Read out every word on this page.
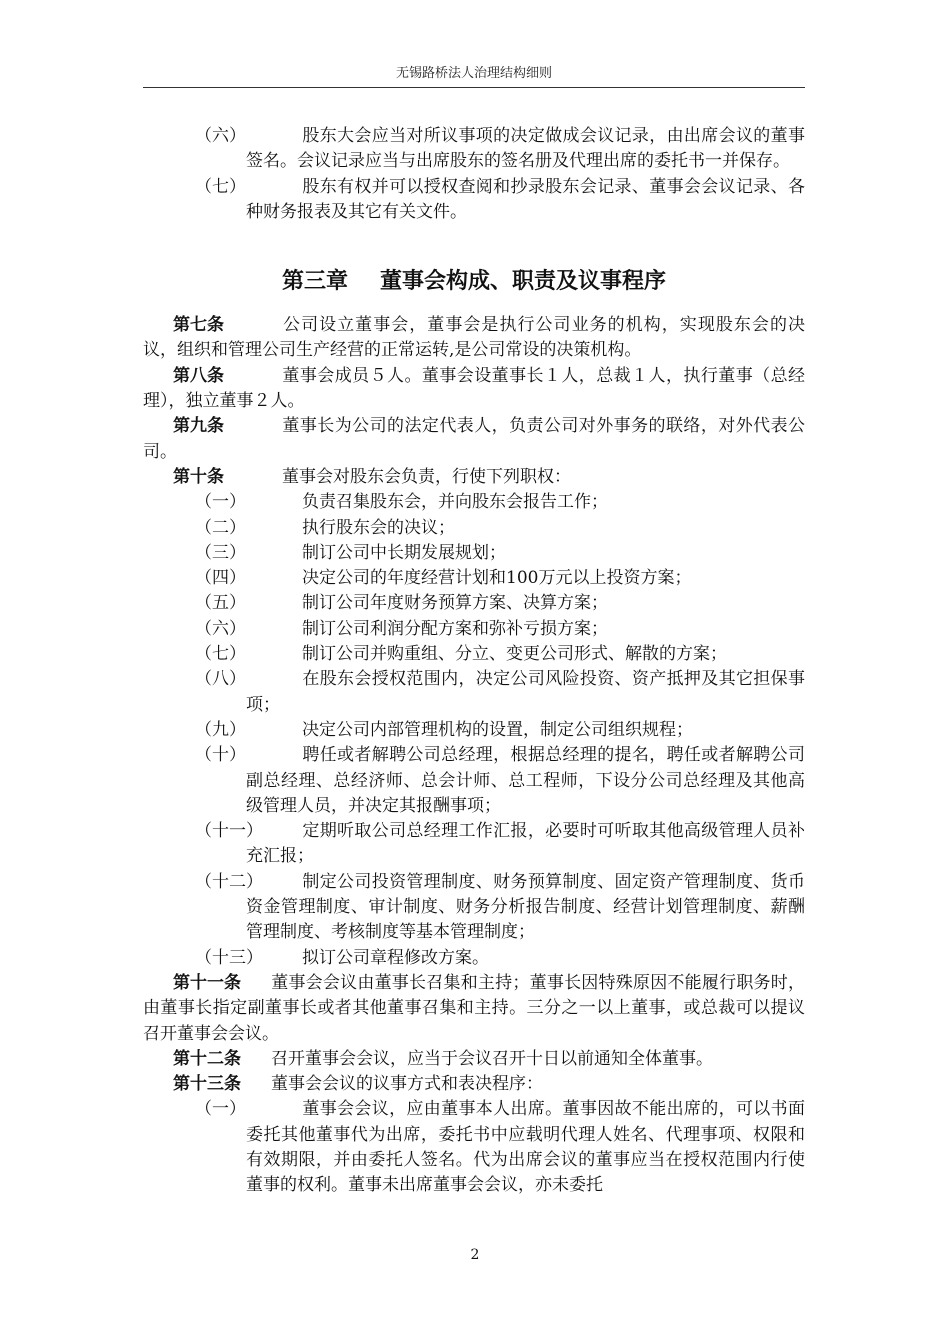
无锡路桥法人治理结构细则
（六）	股东大会应当对所议事项的决定做成会议记录，由出席会议的董事签名。会议记录应当与出席股东的签名册及代理出席的委托书一并保存。
（七）	股东有权并可以授权查阅和抄录股东会记录、董事会会议记录、各种财务报表及其它有关文件。
第三章 董事会构成、职责及议事程序
第七条	公司设立董事会，董事会是执行公司业务的机构，实现股东会的决议，组织和管理公司生产经营的正常运转,是公司常设的决策机构。
第八条	董事会成员５人。董事会设董事长１人，总裁１人，执行董事（总经理），独立董事２人。
第九条	董事长为公司的法定代表人，负责公司对外事务的联络，对外代表公司。
第十条	董事会对股东会负责，行使下列职权：
（一）	负责召集股东会，并向股东会报告工作；
（二）	执行股东会的决议；
（三）	制订公司中长期发展规划；
（四）	决定公司的年度经营计划和100万元以上投资方案；
（五）	制订公司年度财务预算方案、决算方案；
（六）	制订公司利润分配方案和弥补亏损方案；
（七）	制订公司并购重组、分立、变更公司形式、解散的方案；
（八）	在股东会授权范围内，决定公司风险投资、资产抵押及其它担保事项；
（九）	决定公司内部管理机构的设置，制定公司组织规程；
（十）	聘任或者解聘公司总经理，根据总经理的提名，聘任或者解聘公司副总经理、总经济师、总会计师、总工程师，下设分公司总经理及其他高级管理人员，并决定其报酬事项；
（十一）	定期听取公司总经理工作汇报，必要时可听取其他高级管理人员补充汇报；
（十二）	制定公司投资管理制度、财务预算制度、固定资产管理制度、货币资金管理制度、审计制度、财务分析报告制度、经营计划管理制度、薪酬管理制度、考核制度等基本管理制度；
（十三）	拟订公司章程修改方案。
第十一条 董事会会议由董事长召集和主持；董事长因特殊原因不能履行职务时，由董事长指定副董事长或者其他董事召集和主持。三分之一以上董事，或总裁可以提议召开董事会会议。
第十二条 召开董事会会议，应当于会议召开十日以前通知全体董事。
第十三条 董事会会议的议事方式和表决程序：
（一）	董事会会议，应由董事本人出席。董事因故不能出席的，可以书面委托其他董事代为出席，委托书中应载明代理人姓名、代理事项、权限和有效期限，并由委托人签名。代为出席会议的董事应当在授权范围内行使董事的权利。董事未出席董事会会议，亦未委托
2
